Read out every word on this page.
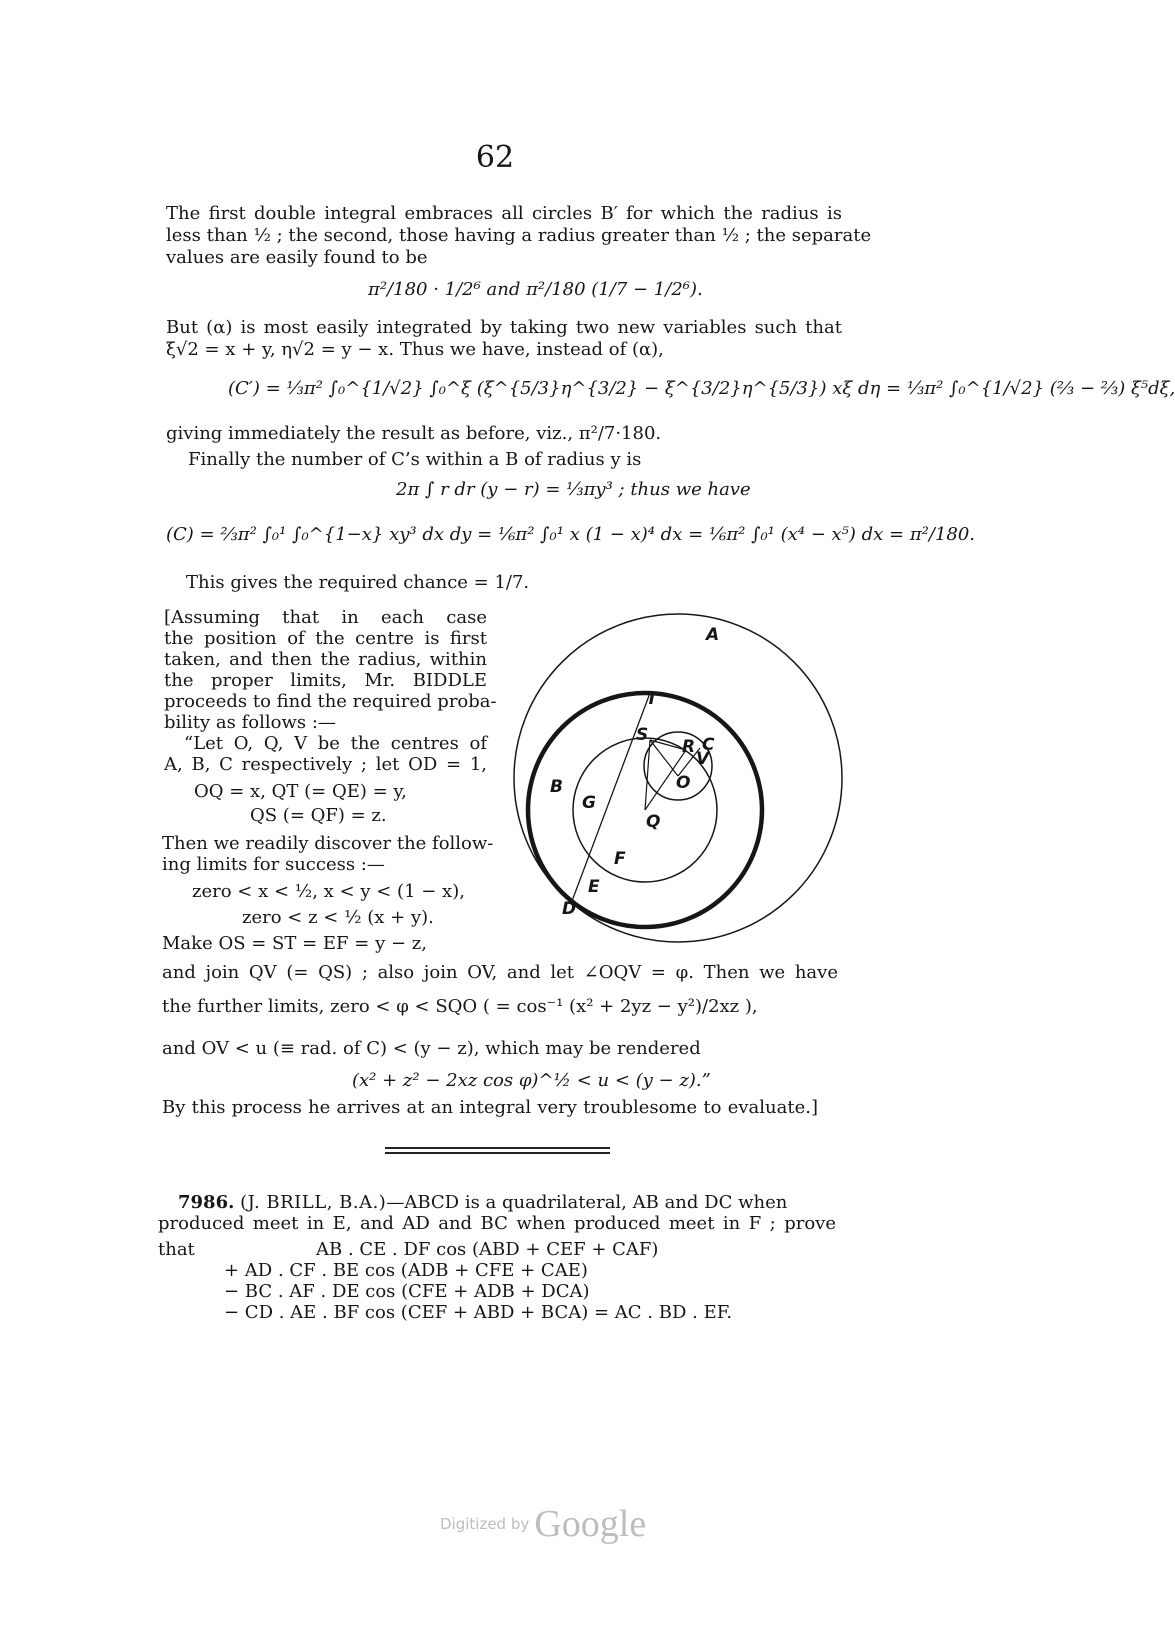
62
The first double integral embraces all circles B′ for which the radius is
less than ½ ; the second, those having a radius greater than ½ ; the separate
values are easily found to be
π²/180 · 1/2⁶ and π²/180 (1/7 − 1/2⁶).
But (α) is most easily integrated by taking two new variables such that
ξ√2 = x + y, η√2 = y − x. Thus we have, instead of (α),
(C′) = ⅓π² ∫₀^{1/√2} ∫₀^ξ (ξ^{5/3}η^{3/2} − ξ^{3/2}η^{5/3}) xξ dη = ⅓π² ∫₀^{1/√2} (⅔ − ⅔) ξ⁵dξ,
giving immediately the result as before, viz., π²/7·180.
Finally the number of C’s within a B of radius y is
2π ∫ r dr (y − r) = ⅓πy³ ; thus we have
(C) = ⅔π² ∫₀¹ ∫₀^{1−x} xy³ dx dy = ⅙π² ∫₀¹ x (1 − x)⁴ dx = ⅙π² ∫₀¹ (x⁴ − x⁵) dx = π²/180.
This gives the required chance = 1/7.
[Assuming that in each case
the position of the centre is first
taken, and then the radius, within
the proper limits, Mr. BIDDLE
proceeds to find the required proba-
bility as follows :—
“Let O, Q, V be the centres of
A, B, C respectively ; let OD = 1,
OQ = x, QT (= QE) = y,
QS (= QF) = z.
Then we readily discover the follow-
ing limits for success :—
zero < x < ½, x < y < (1 − x),
zero < z < ½ (x + y).
Make OS = ST = EF = y − z,
A
T
S
R C
V
O
B
G
Q
F
E
D
and join QV (= QS) ; also join OV, and let ∠OQV = φ. Then we have
the further limits, zero < φ < SQO ( = cos⁻¹ (x² + 2yz − y²)/2xz ),
and OV < u (≡ rad. of C) < (y − z), which may be rendered
(x² + z² − 2xz cos φ)^½ < u < (y − z).”
By this process he arrives at an integral very troublesome to evaluate.]
7986. (J. BRILL, B.A.)—ABCD is a quadrilateral, AB and DC when
produced meet in E, and AD and BC when produced meet in F ; prove
that	AB . CE . DF cos (ABD + CEF + CAF)
+ AD . CF . BE cos (ADB + CFE + CAE)
− BC . AF . DE cos (CFE + ADB + DCA)
− CD . AE . BF cos (CEF + ABD + BCA) = AC . BD . EF.
Digitized by Google
